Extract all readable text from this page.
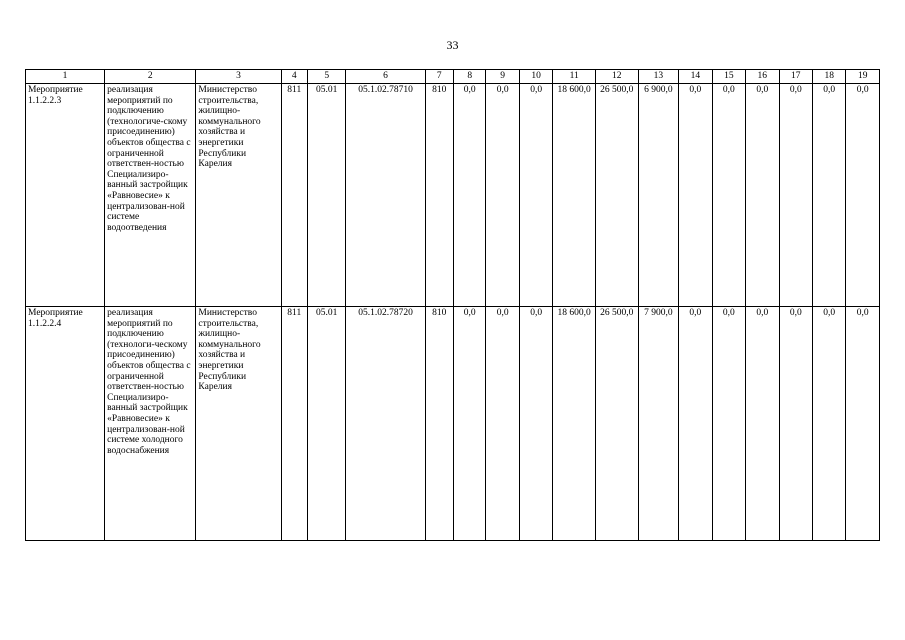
33
1	2	3	4	5	6	7	8	9	10	11	12	13	14	15	16	17	18	19
Мероприятие 1.1.2.2.3	реализация мероприятий по подключению (технологиче-скому присоединению) объектов общества с ограниченной ответствен-ностью Специализиро-ванный застройщик «Равновесие» к централизован-ной системе водоотведения	Министерство строительства, жилищно-коммунального хозяйства и энергетики Республики Карелия	811	05.01	05.1.02.78710	810	0,0	0,0	0,0	18 600,0	26 500,0	6 900,0	0,0	0,0	0,0	0,0	0,0	0,0
Мероприятие 1.1.2.2.4	реализация мероприятий по подключению (технологи-ческому присоединению) объектов общества с ограниченной ответствен-ностью Специализиро-ванный застройщик «Равновесие» к централизован-ной системе холодного водоснабжения	Министерство строительства, жилищно-коммунального хозяйства и энергетики Республики Карелия	811	05.01	05.1.02.78720	810	0,0	0,0	0,0	18 600,0	26 500,0	7 900,0	0,0	0,0	0,0	0,0	0,0	0,0
